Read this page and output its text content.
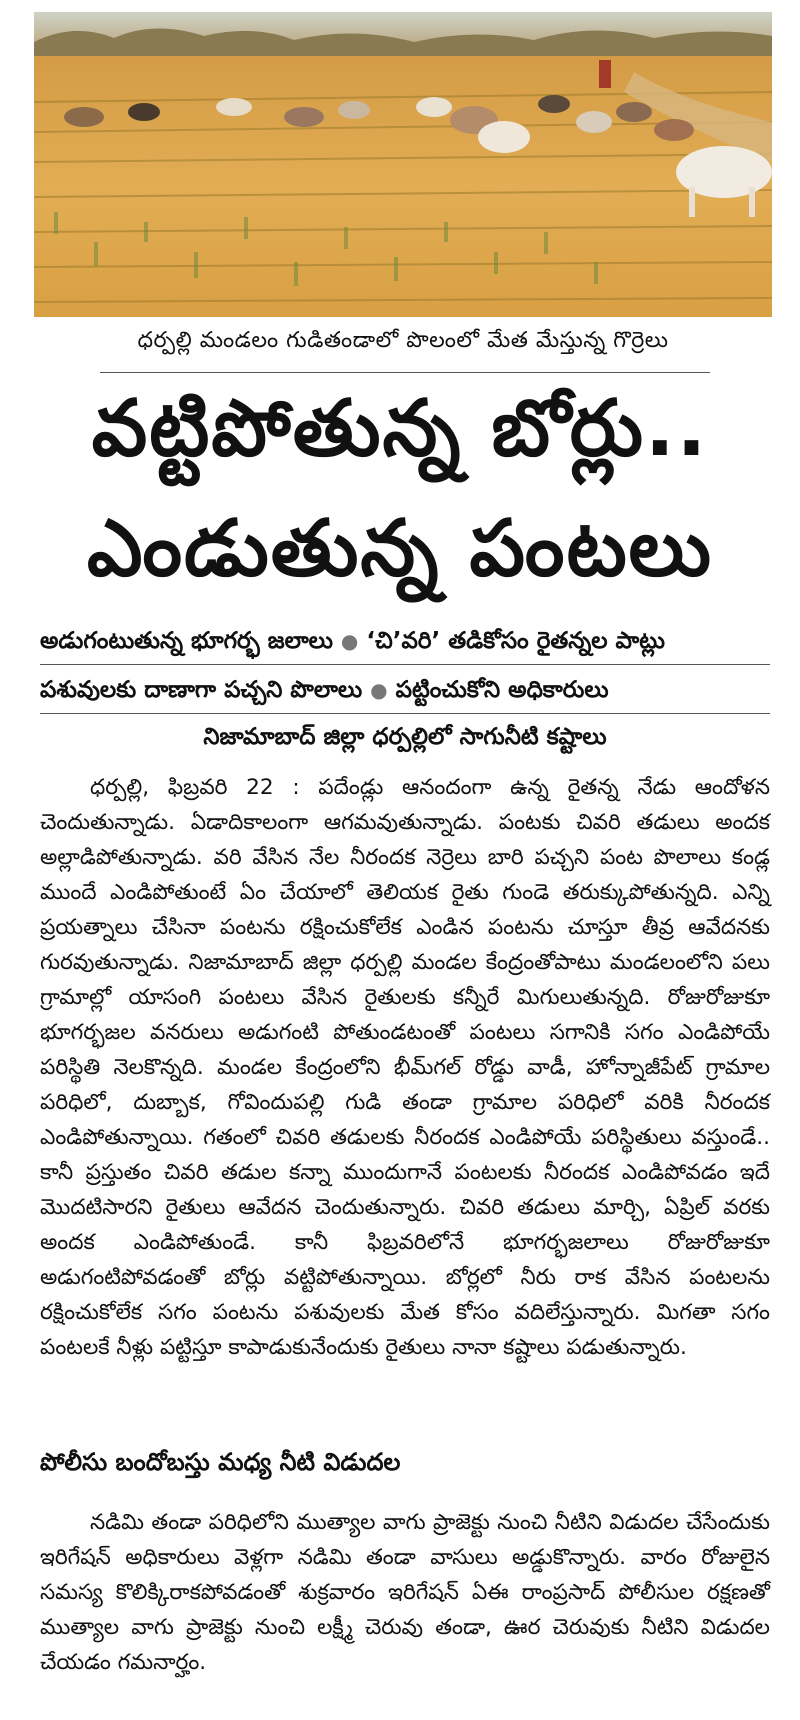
ధర్పల్లి మండలం గుడితండాలో పొలంలో మేత మేస్తున్న గొర్రెలు
వట్టిపోతున్న బోర్లు..
ఎండుతున్న పంటలు
అడుగంటుతున్న భూగర్భ జలాలు ● ‘చి’వరి’ తడికోసం రైతన్నల పాట్లు
పశువులకు దాణాగా పచ్చని పొలాలు ● పట్టించుకోని అధికారులు
నిజామాబాద్ జిల్లా ధర్పల్లిలో సాగునీటి కష్టాలు

ధర్పల్లి, ఫిబ్రవరి 22 : పదేండ్లు ఆనందంగా ఉన్న రైతన్న నేడు ఆందోళన చెందుతున్నాడు. ఏడాదికాలంగా ఆగమవుతున్నాడు. పంటకు చివరి తడులు అందక అల్లాడిపోతున్నాడు. వరి వేసిన నేల నీరందక నెర్రెలు బారి పచ్చని పంట పొలాలు కండ్ల ముందే ఎండిపోతుంటే ఏం చేయాలో తెలియక రైతు గుండె తరుక్కుపోతున్నది. ఎన్ని ప్రయత్నాలు చేసినా పంటను రక్షించుకోలేక ఎండిన పంటను చూస్తూ తీవ్ర ఆవేదనకు గురవుతున్నాడు. నిజామాబాద్ జిల్లా ధర్పల్లి మండల కేంద్రంతోపాటు మండలంలోని పలు గ్రామాల్లో యాసంగి పంటలు వేసిన రైతులకు కన్నీరే మిగులుతున్నది. రోజురోజుకూ భూగర్భజల వనరులు అడుగంటి పోతుండటంతో పంటలు సగానికి సగం ఎండిపోయే పరిస్థితి నెలకొన్నది. మండల కేంద్రంలోని భీమ్‌గల్ రోడ్డు వాడీ, హోన్నాజీపేట్ గ్రామాల పరిధిలో, దుబ్బాక, గోవిందుపల్లి గుడి తండా గ్రామాల పరిధిలో వరికి నీరందక ఎండిపోతున్నాయి. గతంలో చివరి తడులకు నీరందక ఎండిపోయే పరిస్థితులు వస్తుండే.. కానీ ప్రస్తుతం చివరి తడుల కన్నా ముందుగానే పంటలకు నీరందక ఎండిపోవడం ఇదే మొదటిసారని రైతులు ఆవేదన చెందుతున్నారు. చివరి తడులు మార్చి, ఏప్రిల్ వరకు అందక ఎండిపోతుండే. కానీ ఫిబ్రవరిలోనే భూగర్భజలాలు రోజురోజుకూ అడుగంటిపోవడంతో బోర్లు వట్టిపోతున్నాయి. బోర్లలో నీరు రాక వేసిన పంటలను రక్షించుకోలేక సగం పంటను పశువులకు మేత కోసం వదిలేస్తున్నారు. మిగతా సగం పంటలకే నీళ్లు పట్టిస్తూ కాపాడుకునేందుకు రైతులు నానా కష్టాలు పడుతున్నారు.

పోలీసు బందోబస్తు మధ్య నీటి విడుదల

నడిమి తండా పరిధిలోని ముత్యాల వాగు ప్రాజెక్టు నుంచి నీటిని విడుదల చేసేందుకు ఇరిగేషన్ అధికారులు వెళ్లగా నడిమి తండా వాసులు అడ్డుకొన్నారు. వారం రోజులైన సమస్య కొలిక్కిరాకపోవడంతో శుక్రవారం ఇరిగేషన్ ఏఈ రాంప్రసాద్ పోలీసుల రక్షణతో ముత్యాల వాగు ప్రాజెక్టు నుంచి లక్ష్మీ చెరువు తండా, ఊర చెరువుకు నీటిని విడుదల చేయడం గమనార్హం.
